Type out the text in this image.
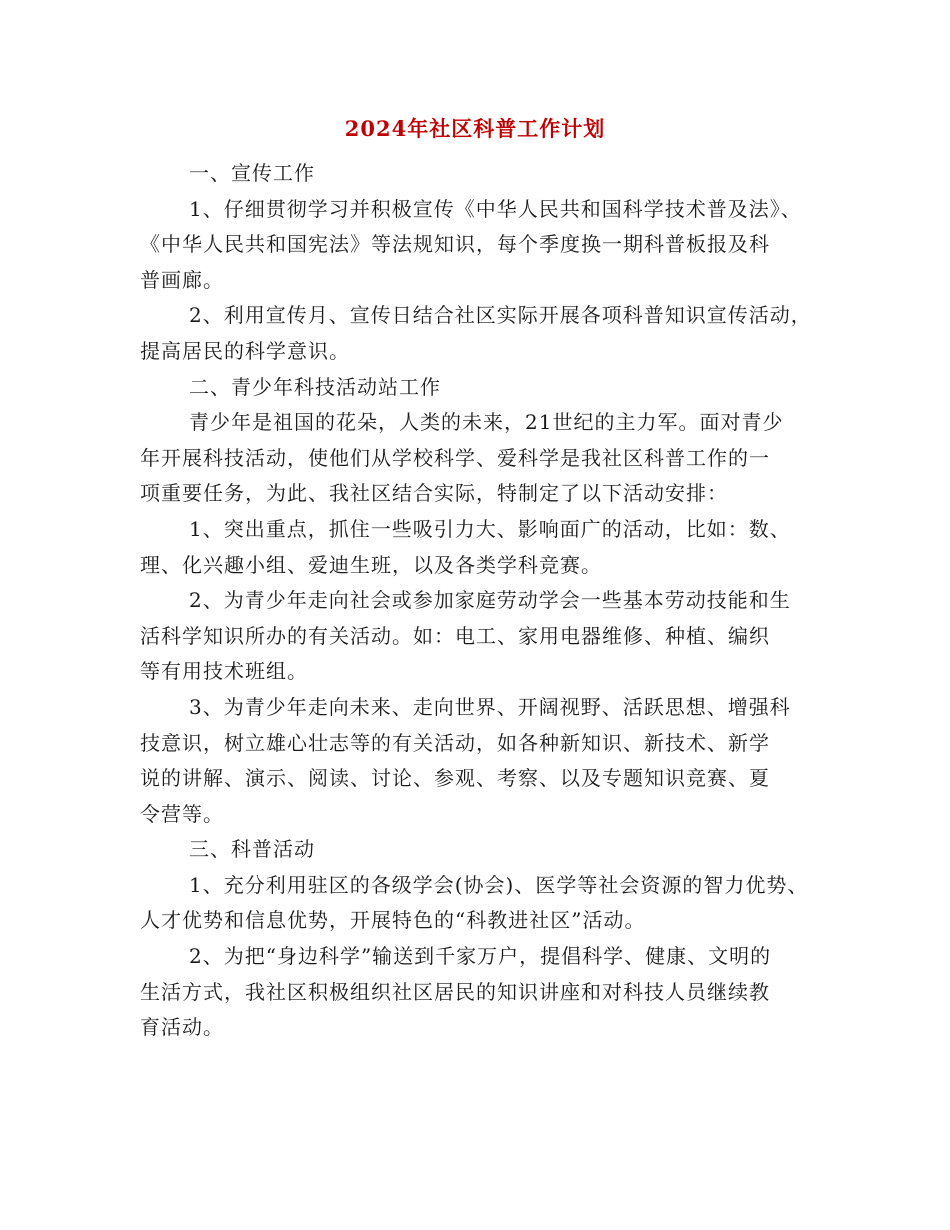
2024年社区科普工作计划
一、宣传工作
1、仔细贯彻学习并积极宣传《中华人民共和国科学技术普及法》、
《中华人民共和国宪法》等法规知识，每个季度换一期科普板报及科
普画廊。
2、利用宣传月、宣传日结合社区实际开展各项科普知识宣传活动，
提高居民的科学意识。
二、青少年科技活动站工作
青少年是祖国的花朵，人类的未来，21世纪的主力军。面对青少
年开展科技活动，使他们从学校科学、爱科学是我社区科普工作的一
项重要任务，为此、我社区结合实际，特制定了以下活动安排：
1、突出重点，抓住一些吸引力大、影响面广的活动，比如：数、
理、化兴趣小组、爱迪生班，以及各类学科竞赛。
2、为青少年走向社会或参加家庭劳动学会一些基本劳动技能和生
活科学知识所办的有关活动。如：电工、家用电器维修、种植、编织
等有用技术班组。
3、为青少年走向未来、走向世界、开阔视野、活跃思想、增强科
技意识，树立雄心壮志等的有关活动，如各种新知识、新技术、新学
说的讲解、演示、阅读、讨论、参观、考察、以及专题知识竞赛、夏
令营等。
三、科普活动
1、充分利用驻区的各级学会(协会)、医学等社会资源的智力优势、
人才优势和信息优势，开展特色的“科教进社区”活动。
2、为把“身边科学”输送到千家万户，提倡科学、健康、文明的
生活方式，我社区积极组织社区居民的知识讲座和对科技人员继续教
育活动。
